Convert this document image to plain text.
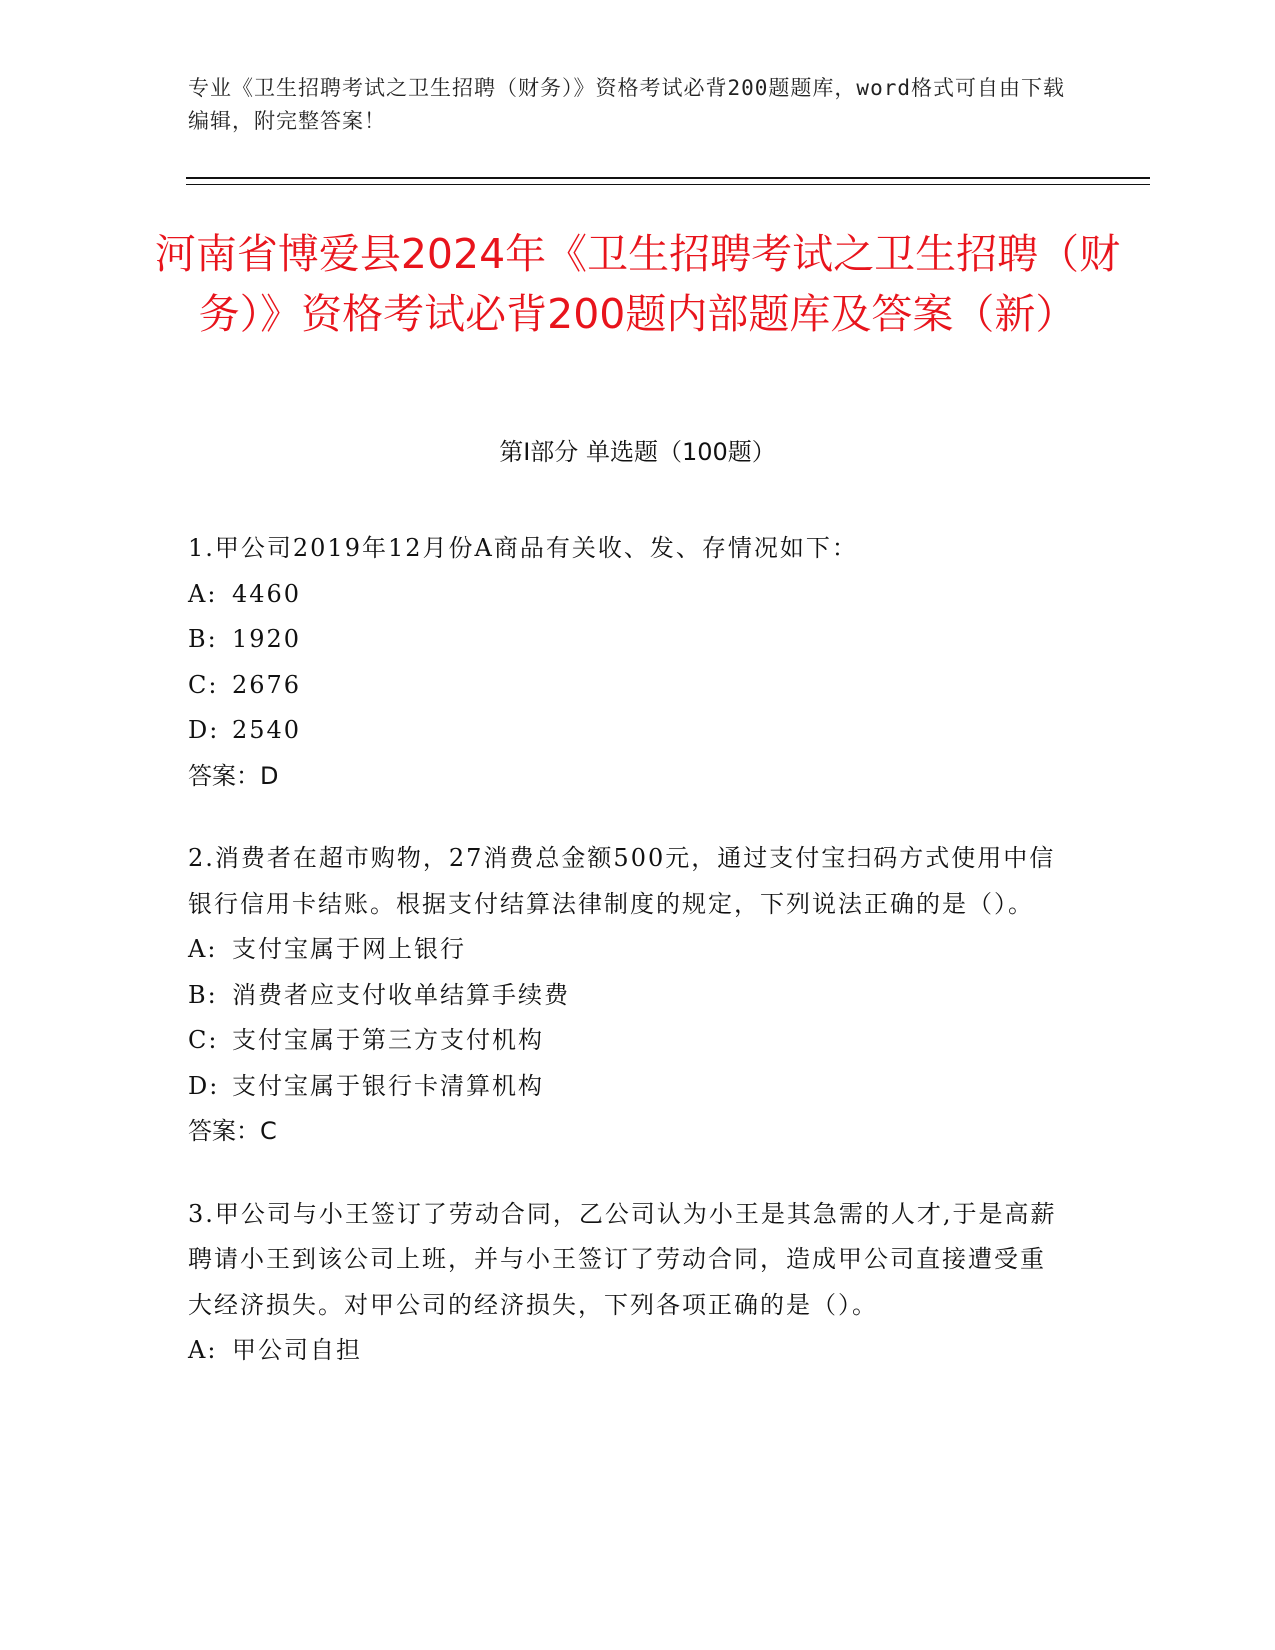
专业《卫生招聘考试之卫生招聘（财务）》资格考试必背200题题库，word格式可自由下载编辑，附完整答案！
河南省博爱县2024年《卫生招聘考试之卫生招聘（财务）》资格考试必背200题内部题库及答案（新）
第Ⅰ部分 单选题（100题）
1.甲公司2019年12月份A商品有关收、发、存情况如下：
A: 4460
B: 1920
C: 2676
D: 2540
答案：D
2.消费者在超市购物，27消费总金额500元，通过支付宝扫码方式使用中信银行信用卡结账。根据支付结算法律制度的规定，下列说法正确的是（）。
A: 支付宝属于网上银行
B: 消费者应支付收单结算手续费
C: 支付宝属于第三方支付机构
D: 支付宝属于银行卡清算机构
答案：C
3.甲公司与小王签订了劳动合同，乙公司认为小王是其急需的人才,于是高薪聘请小王到该公司上班，并与小王签订了劳动合同，造成甲公司直接遭受重大经济损失。对甲公司的经济损失，下列各项正确的是（）。
A: 甲公司自担
